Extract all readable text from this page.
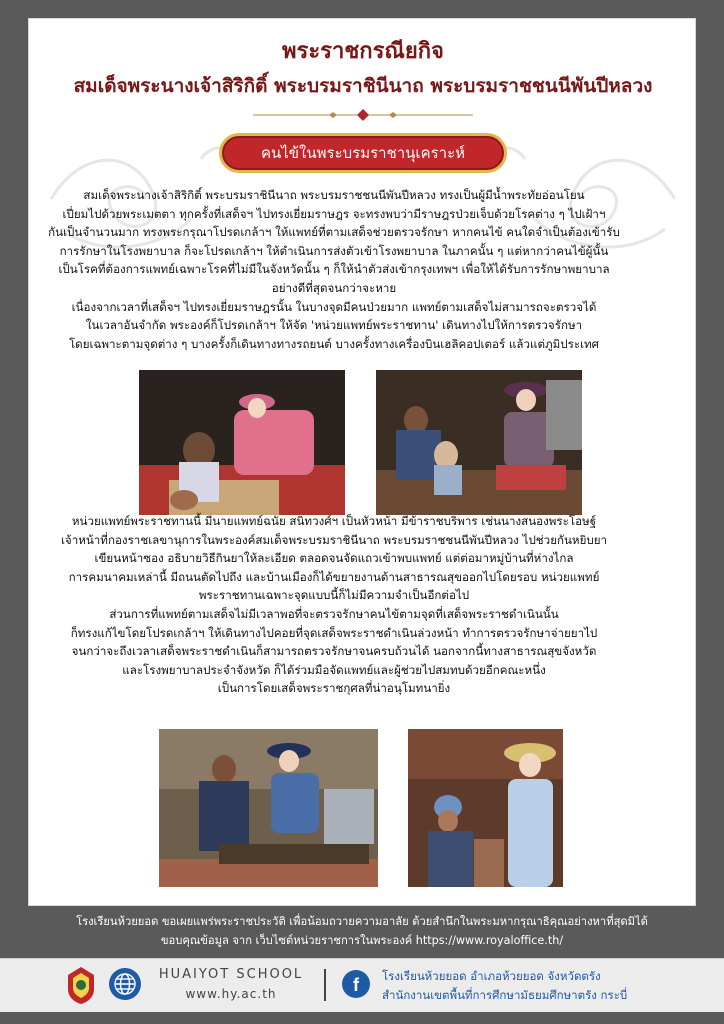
พระราชกรณียกิจ
สมเด็จพระนางเจ้าสิริกิติ์ พระบรมราชินีนาถ พระบรมราชชนนีพันปีหลวง
คนไข้ในพระบรมราชานุเคราะห์

สมเด็จพระนางเจ้าสิริกิติ์ พระบรมราชินีนาถ พระบรมราชชนนีพันปีหลวง ทรงเป็นผู้มีน้ำพระทัยอ่อนโยน

เปี่ยมไปด้วยพระเมตตา ทุกครั้งที่เสด็จฯ ไปทรงเยี่ยมราษฎร จะทรงพบว่ามีราษฎรป่วยเจ็บด้วยโรคต่าง ๆ ไปเฝ้าฯ

กันเป็นจำนวนมาก ทรงพระกรุณาโปรดเกล้าฯ ให้แพทย์ที่ตามเสด็จช่วยตรวจรักษา หากคนไข้ คนใดจำเป็นต้องเข้ารับ

การรักษาในโรงพยาบาล ก็จะโปรดเกล้าฯ ให้ดำเนินการส่งตัวเข้าโรงพยาบาล ในภาคนั้น ๆ แต่หากว่าคนไข้ผู้นั้น

เป็นโรคที่ต้องการแพทย์เฉพาะโรคที่ไม่มีในจังหวัดนั้น ๆ ก็ให้นำตัวส่งเข้ากรุงเทพฯ เพื่อให้ได้รับการรักษาพยาบาล

อย่างดีที่สุดจนกว่าจะหาย

เนื่องจากเวลาที่เสด็จฯ ไปทรงเยี่ยมราษฎรนั้น ในบางจุดมีคนป่วยมาก แพทย์ตามเสด็จไม่สามารถจะตรวจได้

ในเวลาอันจำกัด พระองค์ก็โปรดเกล้าฯ ให้จัด 'หน่วยแพทย์พระราชทาน' เดินทางไปให้การตรวจรักษา

โดยเฉพาะตามจุดต่าง ๆ บางครั้งก็เดินทางทางรถยนต์ บางครั้งทางเครื่องบินเฮลิคอปเตอร์ แล้วแต่ภูมิประเทศ

หน่วยแพทย์พระราชทานนี้ มีนายแพทย์ฉนัย สนิทวงศ์ฯ เป็นหัวหน้า มีข้าราชบริพาร เช่นนางสนองพระโอษฐ์

เจ้าหน้าที่กองราชเลขานุการในพระองค์สมเด็จพระบรมราชินีนาถ พระบรมราชชนนีพันปีหลวง ไปช่วยกันหยิบยา

เขียนหน้าซอง อธิบายวิธีกินยาให้ละเอียด ตลอดจนจัดแถวเข้าพบแพทย์ แต่ต่อมาหมู่บ้านที่ห่างไกล

การคมนาคมเหล่านี้ มีถนนตัดไปถึง และบ้านเมืองก็ได้ขยายงานด้านสาธารณสุขออกไปโดยรอบ หน่วยแพทย์

พระราชทานเฉพาะจุดแบบนี้ก็ไม่มีความจำเป็นอีกต่อไป

ส่วนการที่แพทย์ตามเสด็จไม่มีเวลาพอที่จะตรวจรักษาคนไข้ตามจุดที่เสด็จพระราชดำเนินนั้น

ก็ทรงแก้ไขโดยโปรดเกล้าฯ ให้เดินทางไปคอยที่จุดเสด็จพระราชดำเนินล่วงหน้า ทำการตรวจรักษาจ่ายยาไป

จนกว่าจะถึงเวลาเสด็จพระราชดำเนินก็สามารถตรวจรักษาจนครบถ้วนได้ นอกจากนี้ทางสาธารณสุขจังหวัด

และโรงพยาบาลประจำจังหวัด ก็ได้ร่วมมือจัดแพทย์และผู้ช่วยไปสมทบด้วยอีกคณะหนึ่ง

เป็นการโดยเสด็จพระราชกุศลที่น่าอนุโมทนายิ่ง

โรงเรียนห้วยยอด ขอเผยแพร่พระราชประวัติ เพื่อน้อมถวายความอาลัย ด้วยสำนึกในพระมหากรุณาธิคุณอย่างหาที่สุดมิได้

ขอบคุณข้อมูล จาก เว็บไซต์หน่วยราชการในพระองค์ https://www.royaloffice.th/

HUAIYOT SCHOOL
www.hy.ac.th	f	โรงเรียนห้วยยอด อำเภอห้วยยอด จังหวัดตรัง
สำนักงานเขตพื้นที่การศึกษามัธยมศึกษาตรัง กระบี่
